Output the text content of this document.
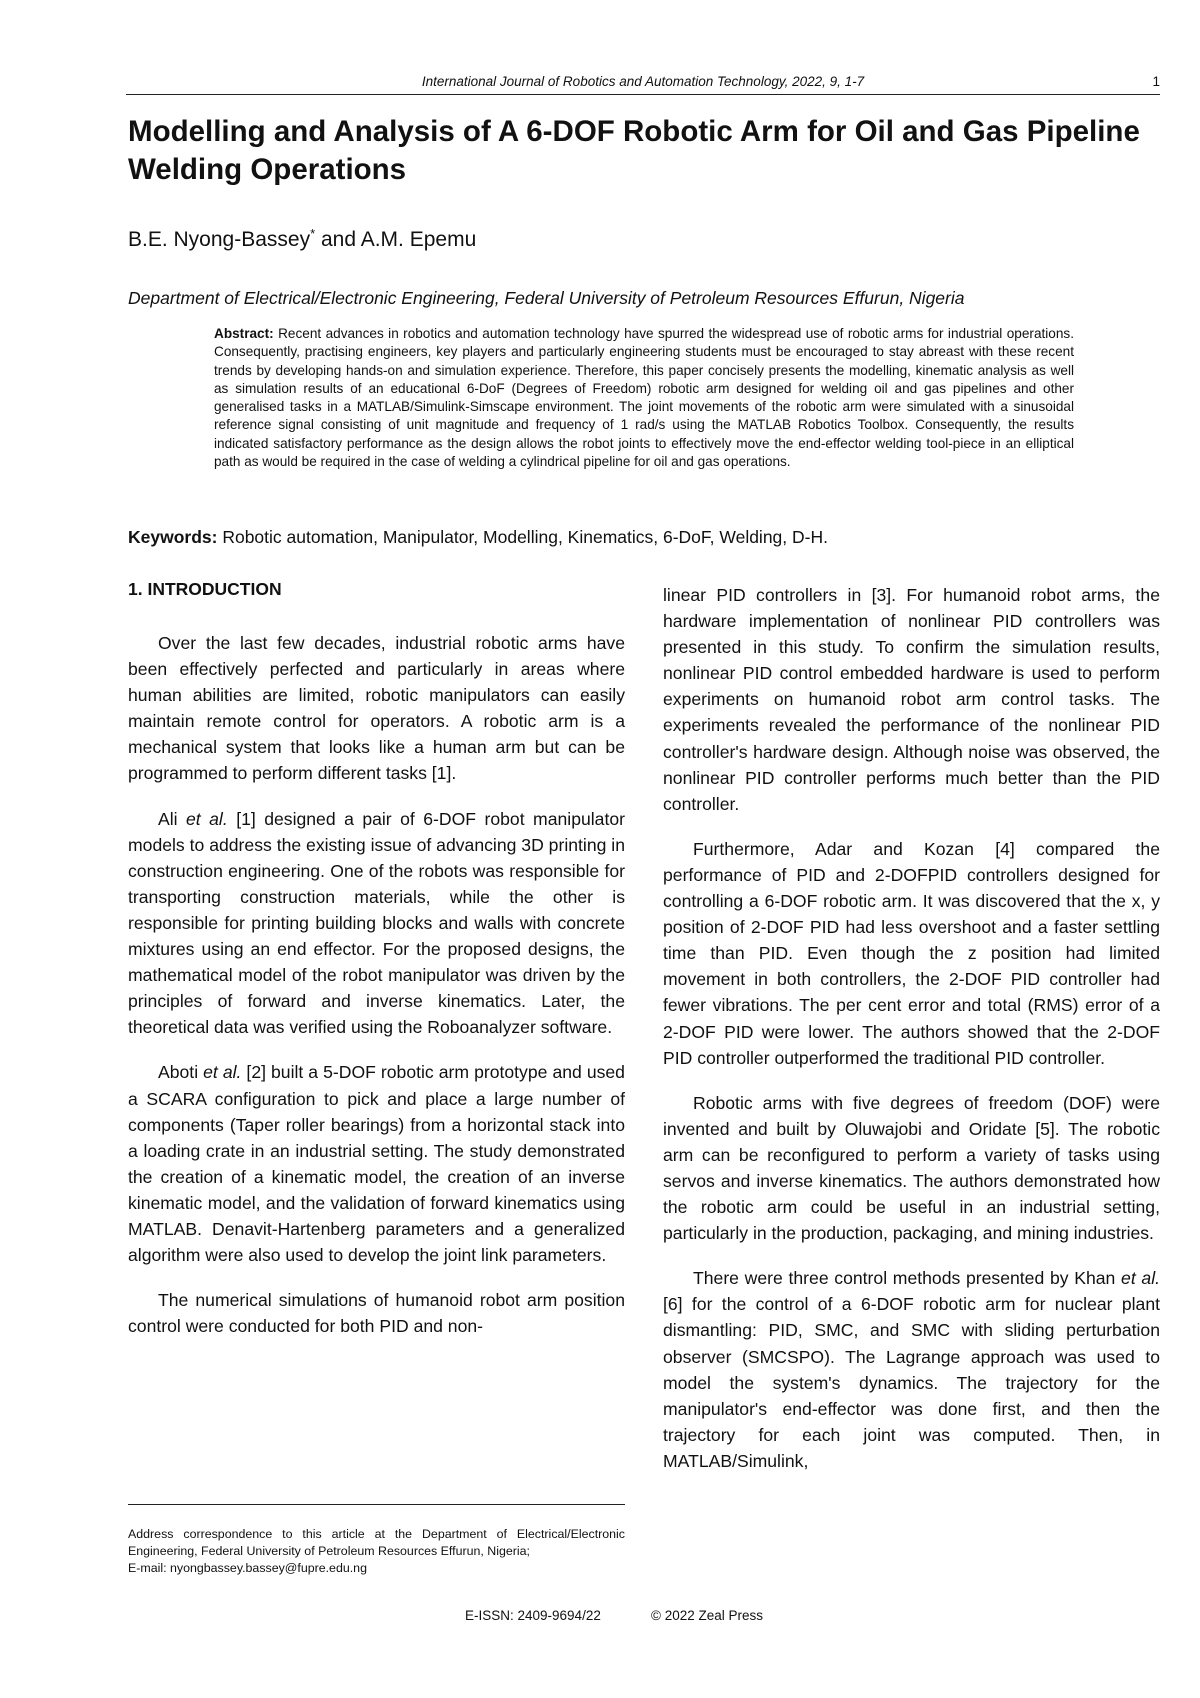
International Journal of Robotics and Automation Technology, 2022, 9, 1-7	1
Modelling and Analysis of A 6-DOF Robotic Arm for Oil and Gas Pipeline Welding Operations
B.E. Nyong-Bassey* and A.M. Epemu
Department of Electrical/Electronic Engineering, Federal University of Petroleum Resources Effurun, Nigeria

Abstract: Recent advances in robotics and automation technology have spurred the widespread use of robotic arms for industrial operations. Consequently, practising engineers, key players and particularly engineering students must be encouraged to stay abreast with these recent trends by developing hands-on and simulation experience. Therefore, this paper concisely presents the modelling, kinematic analysis as well as simulation results of an educational 6-DoF (Degrees of Freedom) robotic arm designed for welding oil and gas pipelines and other generalised tasks in a MATLAB/Simulink-Simscape environment. The joint movements of the robotic arm were simulated with a sinusoidal reference signal consisting of unit magnitude and frequency of 1 rad/s using the MATLAB Robotics Toolbox. Consequently, the results indicated satisfactory performance as the design allows the robot joints to effectively move the end-effector welding tool-piece in an elliptical path as would be required in the case of welding a cylindrical pipeline for oil and gas operations.

Keywords: Robotic automation, Manipulator, Modelling, Kinematics, 6-DoF, Welding, D-H.
1. INTRODUCTION

Over the last few decades, industrial robotic arms have been effectively perfected and particularly in areas where human abilities are limited, robotic manipulators can easily maintain remote control for operators. A robotic arm is a mechanical system that looks like a human arm but can be programmed to perform different tasks [1].

Ali et al. [1] designed a pair of 6-DOF robot manipulator models to address the existing issue of advancing 3D printing in construction engineering. One of the robots was responsible for transporting construction materials, while the other is responsible for printing building blocks and walls with concrete mixtures using an end effector. For the proposed designs, the mathematical model of the robot manipulator was driven by the principles of forward and inverse kinematics. Later, the theoretical data was verified using the Roboanalyzer software.

Aboti et al. [2] built a 5-DOF robotic arm prototype and used a SCARA configuration to pick and place a large number of components (Taper roller bearings) from a horizontal stack into a loading crate in an industrial setting. The study demonstrated the creation of a kinematic model, the creation of an inverse kinematic model, and the validation of forward kinematics using MATLAB. Denavit-Hartenberg parameters and a generalized algorithm were also used to develop the joint link parameters.

The numerical simulations of humanoid robot arm position control were conducted for both PID and non-

linear PID controllers in [3]. For humanoid robot arms, the hardware implementation of nonlinear PID controllers was presented in this study. To confirm the simulation results, nonlinear PID control embedded hardware is used to perform experiments on humanoid robot arm control tasks. The experiments revealed the performance of the nonlinear PID controller's hardware design. Although noise was observed, the nonlinear PID controller performs much better than the PID controller.

Furthermore, Adar and Kozan [4] compared the performance of PID and 2-DOFPID controllers designed for controlling a 6-DOF robotic arm. It was discovered that the x, y position of 2-DOF PID had less overshoot and a faster settling time than PID. Even though the z position had limited movement in both controllers, the 2-DOF PID controller had fewer vibrations. The per cent error and total (RMS) error of a 2-DOF PID were lower. The authors showed that the 2-DOF PID controller outperformed the traditional PID controller.

Robotic arms with five degrees of freedom (DOF) were invented and built by Oluwajobi and Oridate [5]. The robotic arm can be reconfigured to perform a variety of tasks using servos and inverse kinematics. The authors demonstrated how the robotic arm could be useful in an industrial setting, particularly in the production, packaging, and mining industries.

There were three control methods presented by Khan et al. [6] for the control of a 6-DOF robotic arm for nuclear plant dismantling: PID, SMC, and SMC with sliding perturbation observer (SMCSPO). The Lagrange approach was used to model the system's dynamics. The trajectory for the manipulator's end-effector was done first, and then the trajectory for each joint was computed. Then, in MATLAB/Simulink,

Address correspondence to this article at the Department of Electrical/Electronic Engineering, Federal University of Petroleum Resources Effurun, Nigeria;

E-mail: nyongbassey.bassey@fupre.edu.ng

E-ISSN: 2409-9694/22	© 2022 Zeal Press
